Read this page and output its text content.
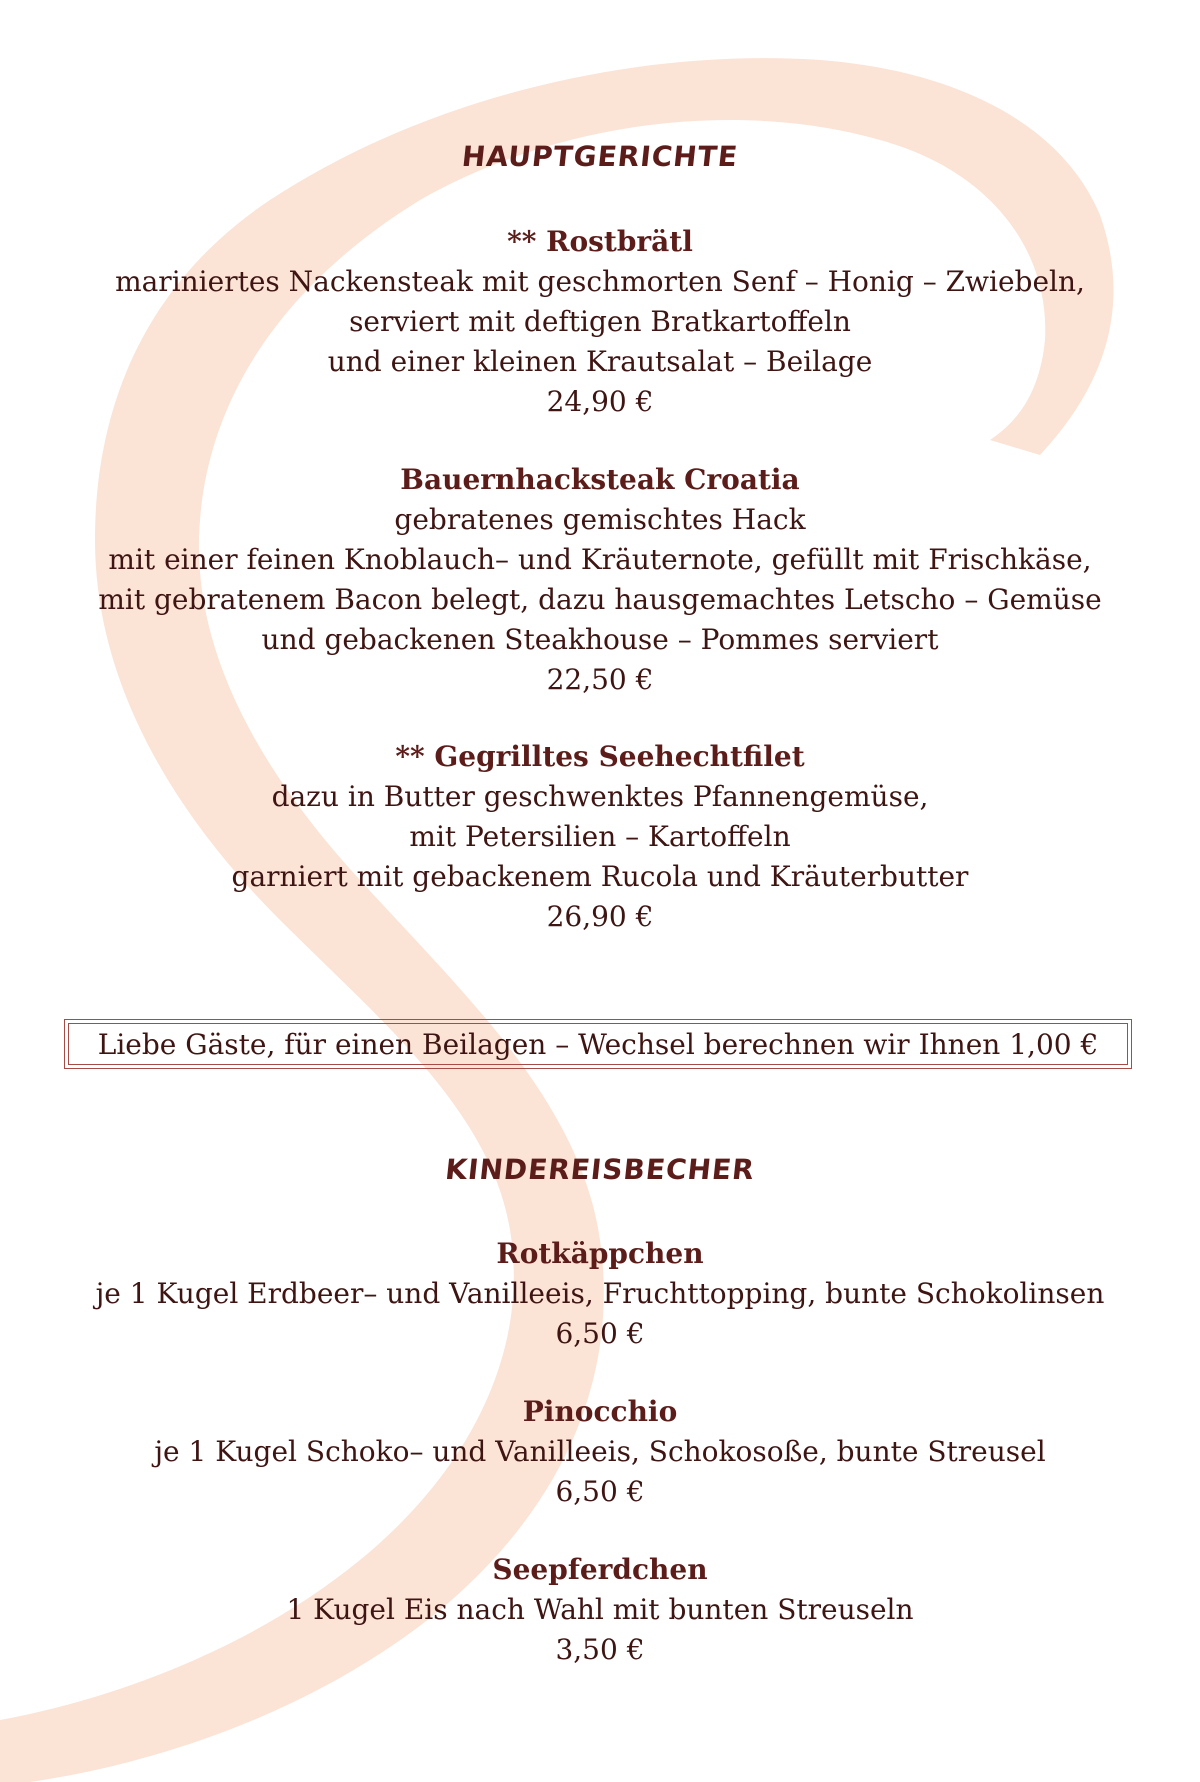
HAUPTGERICHTE
** Rostbrätl
mariniertes Nackensteak mit geschmorten Senf – Honig – Zwiebeln,
serviert mit deftigen Bratkartoffeln
und einer kleinen Krautsalat – Beilage
24,90 €
Bauernhacksteak Croatia
gebratenes gemischtes Hack
mit einer feinen Knoblauch– und Kräuternote, gefüllt mit Frischkäse,
mit gebratenem Bacon belegt, dazu hausgemachtes Letscho – Gemüse
und gebackenen Steakhouse – Pommes serviert
22,50 €
** Gegrilltes Seehechtfilet
dazu in Butter geschwenktes Pfannengemüse,
mit Petersilien – Kartoffeln
garniert mit gebackenem Rucola und Kräuterbutter
26,90 €
Liebe Gäste, für einen Beilagen – Wechsel berechnen wir Ihnen 1,00 €
KINDEREISBECHER
Rotkäppchen
je 1 Kugel Erdbeer– und Vanilleeis, Fruchttopping, bunte Schokolinsen
6,50 €
Pinocchio
je 1 Kugel Schoko– und Vanilleeis, Schokosoße, bunte Streusel
6,50 €
Seepferdchen
1 Kugel Eis nach Wahl mit bunten Streuseln
3,50 €
